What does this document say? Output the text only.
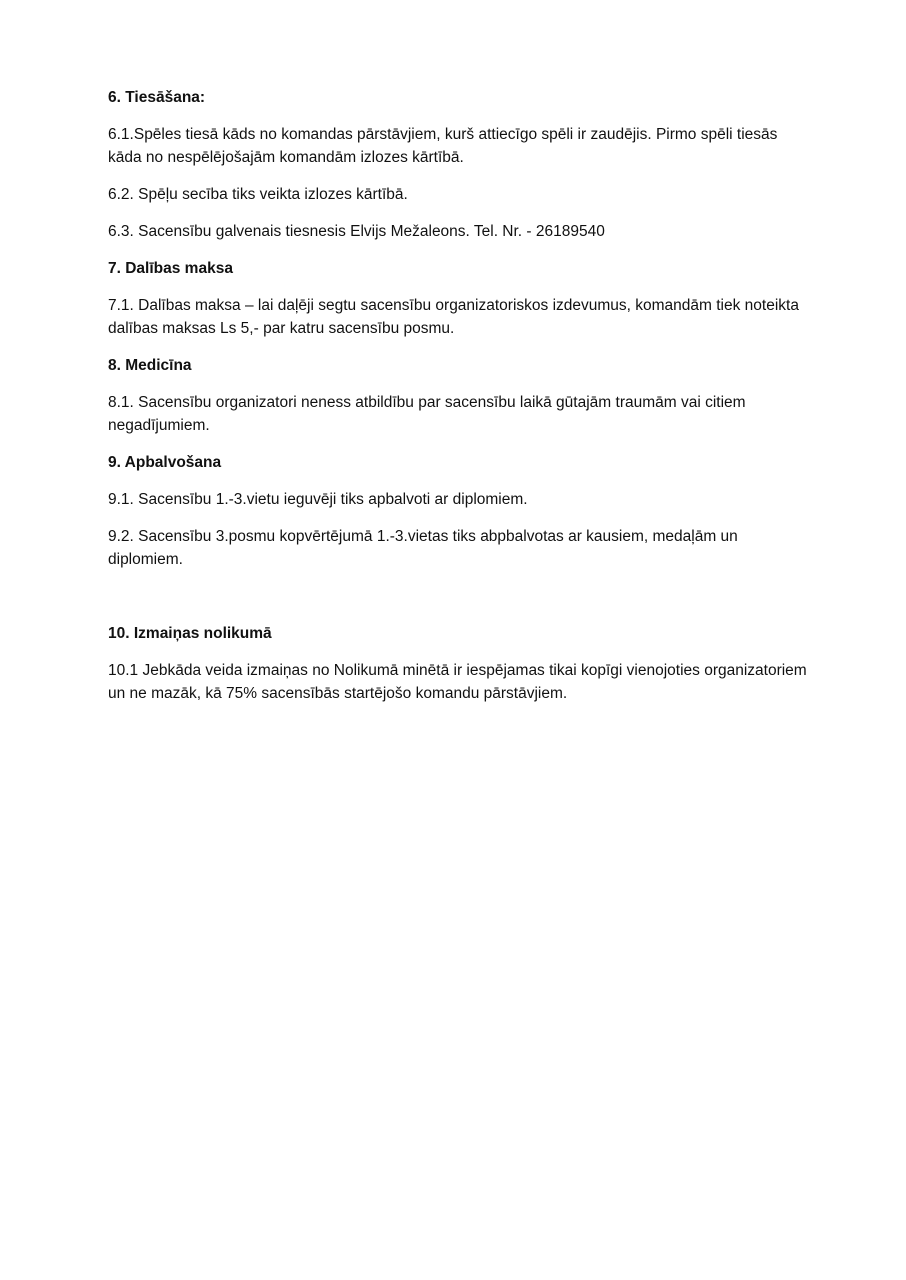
6. Tiesāšana:

6.1.Spēles tiesā kāds no komandas pārstāvjiem, kurš attiecīgo spēli ir zaudējis. Pirmo spēli tiesās kāda no nespēlējošajām komandām izlozes kārtībā.

6.2. Spēļu secība tiks veikta izlozes kārtībā.

6.3. Sacensību galvenais tiesnesis Elvijs Mežaleons. Tel. Nr. - 26189540

7. Dalības maksa

7.1. Dalības maksa – lai daļēji segtu sacensību organizatoriskos izdevumus, komandām tiek noteikta dalības maksas Ls 5,- par katru sacensību posmu.

8. Medicīna

8.1. Sacensību organizatori neness atbildību par sacensību laikā gūtajām traumām vai citiem negadījumiem.

9. Apbalvošana

9.1. Sacensību 1.-3.vietu ieguvēji tiks apbalvoti ar diplomiem.

9.2. Sacensību 3.posmu kopvērtējumā 1.-3.vietas tiks abpbalvotas ar kausiem, medaļām un diplomiem.

10. Izmaiņas nolikumā

10.1 Jebkāda veida izmaiņas no Nolikumā minētā ir iespējamas tikai kopīgi vienojoties organizatoriem un ne mazāk, kā 75% sacensībās startējošo komandu pārstāvjiem.
